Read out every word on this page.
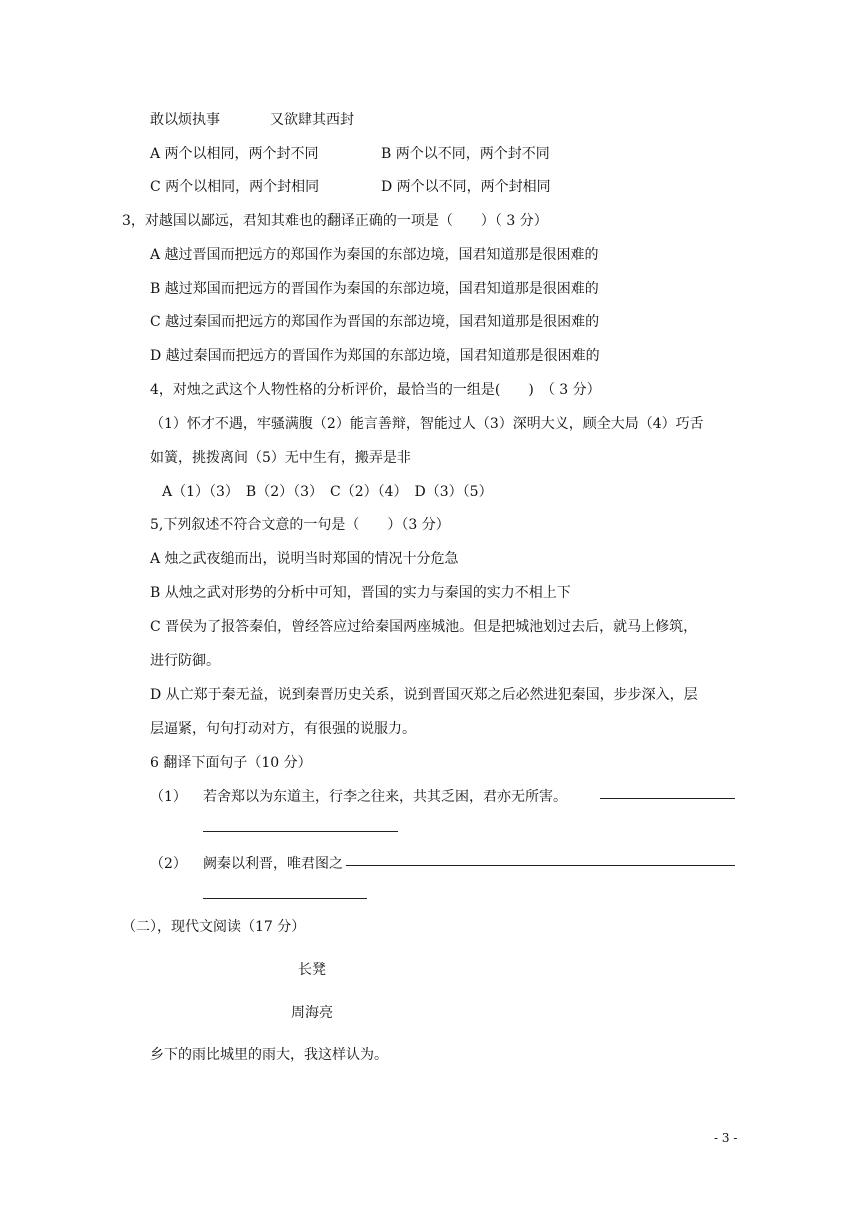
敢以烦执事	又欲肆其西封
A 两个以相同，两个封不同	B 两个以不同，两个封不同
C 两个以相同，两个封相同	D 两个以不同，两个封相同
3，对越国以鄙远，君知其难也的翻译正确的一项是（　　）（ 3 分）
A 越过晋国而把远方的郑国作为秦国的东部边境，国君知道那是很困难的
B 越过郑国而把远方的晋国作为秦国的东部边境，国君知道那是很困难的
C 越过秦国而把远方的郑国作为晋国的东部边境，国君知道那是很困难的
D 越过秦国而把远方的晋国作为郑国的东部边境，国君知道那是很困难的
4，对烛之武这个人物性格的分析评价，最恰当的一组是(　　)　（ 3 分）
（1）怀才不遇，牢骚满腹（2）能言善辩，智能过人（3）深明大义，顾全大局（4）巧舌
如簧，挑拨离间（5）无中生有，搬弄是非
A（1）（3）　B（2）（3）　C（2）（4）　D（3）（5）
5,下列叙述不符合文意的一句是（　　）（3 分）
A 烛之武夜缒而出，说明当时郑国的情况十分危急
B 从烛之武对形势的分析中可知，晋国的实力与秦国的实力不相上下
C 晋侯为了报答秦伯，曾经答应过给秦国两座城池。但是把城池划过去后，就马上修筑，
进行防御。
D 从亡郑于秦无益，说到秦晋历史关系，说到晋国灭郑之后必然进犯秦国，步步深入，层
层逼紧，句句打动对方，有很强的说服力。
6 翻译下面句子（10 分）
（1） 若舍郑以为东道主，行李之往来，共其乏困，君亦无所害。
（2） 阙秦以利晋，唯君图之
（二），现代文阅读（17 分）
长凳
周海亮
乡下的雨比城里的雨大，我这样认为。
- 3 -
